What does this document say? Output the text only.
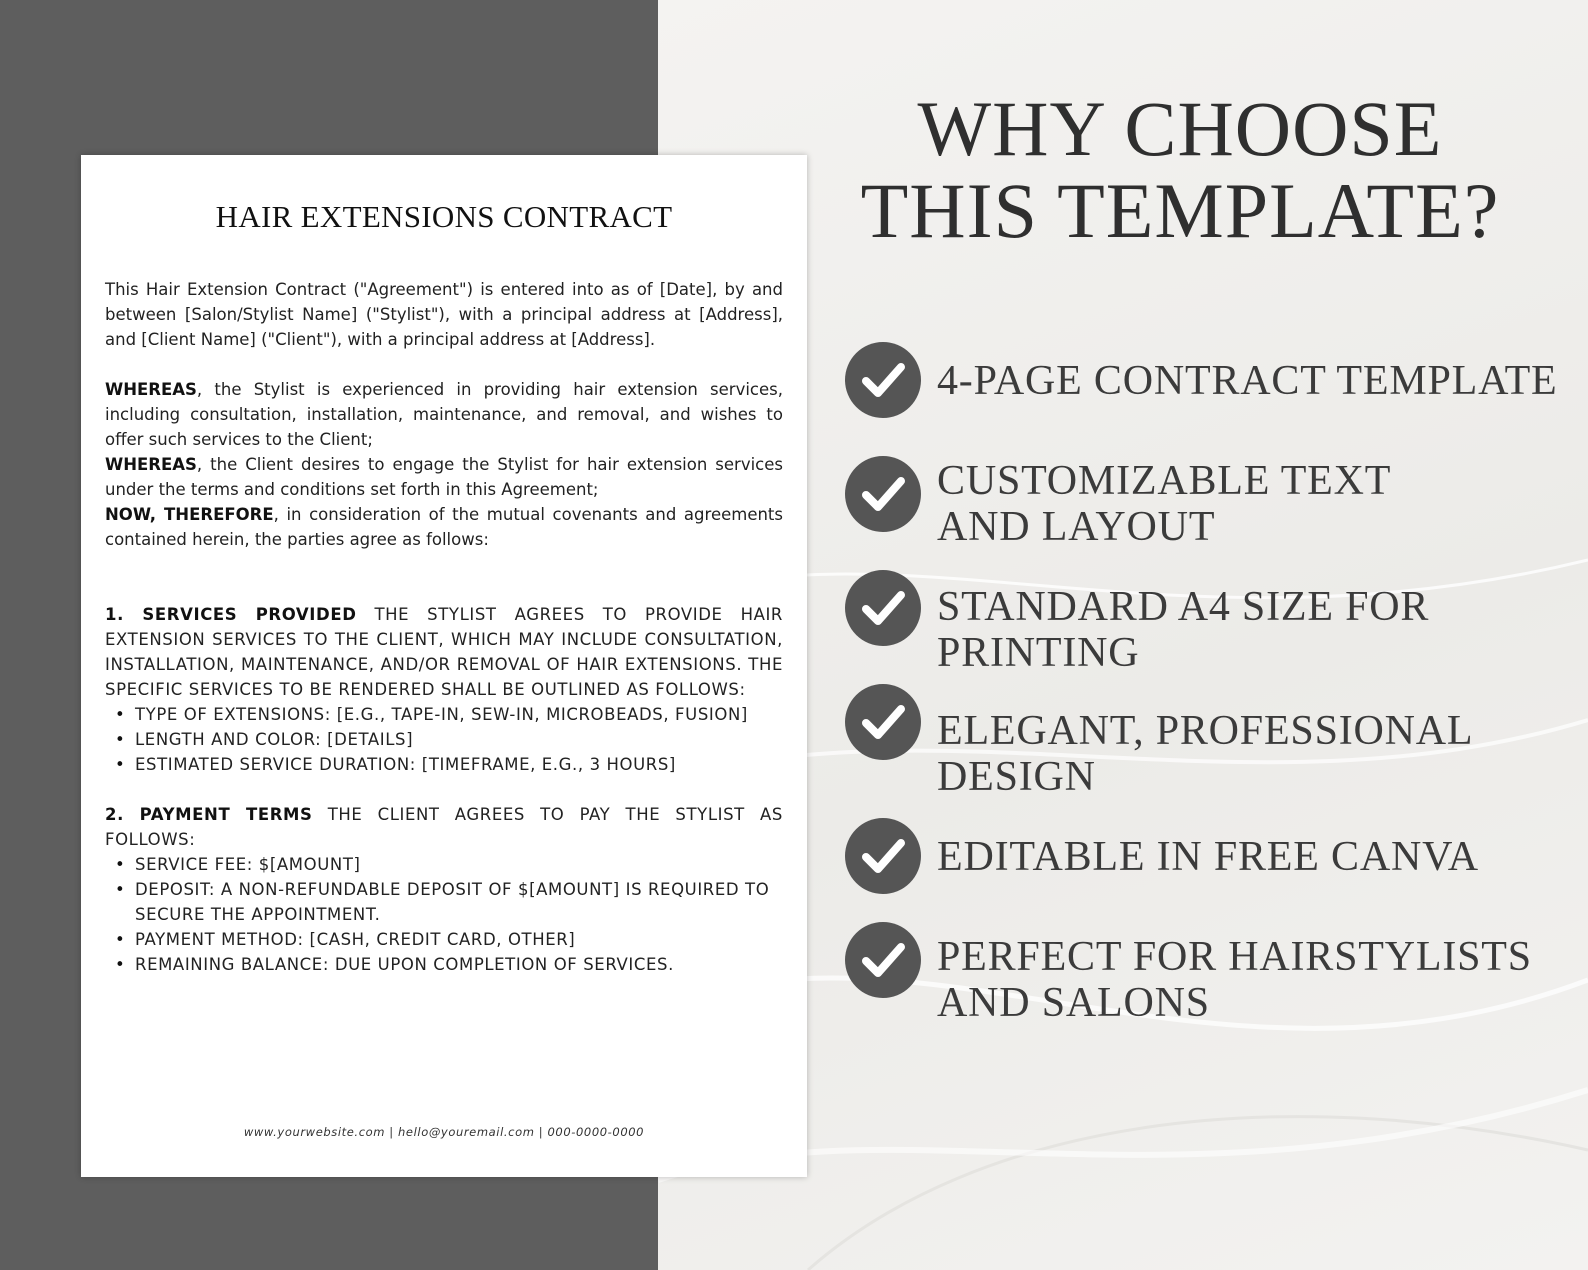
HAIR EXTENSIONS CONTRACT

This Hair Extension Contract ("Agreement") is entered into as of [Date], by and between [Salon/Stylist Name] ("Stylist"), with a principal address at [Address], and [Client Name] ("Client"), with a principal address at [Address].

WHEREAS, the Stylist is experienced in providing hair extension services, including consultation, installation, maintenance, and removal, and wishes to offer such services to the Client;

WHEREAS, the Client desires to engage the Stylist for hair extension services under the terms and conditions set forth in this Agreement;

NOW, THEREFORE, in consideration of the mutual covenants and agreements contained herein, the parties agree as follows:

1. SERVICES PROVIDED THE STYLIST AGREES TO PROVIDE HAIR EXTENSION SERVICES TO THE CLIENT, WHICH MAY INCLUDE CONSULTATION, INSTALLATION, MAINTENANCE, AND/OR REMOVAL OF HAIR EXTENSIONS. THE SPECIFIC SERVICES TO BE RENDERED SHALL BE OUTLINED AS FOLLOWS:

• TYPE OF EXTENSIONS: [E.G., TAPE-IN, SEW-IN, MICROBEADS, FUSION]
• LENGTH AND COLOR: [DETAILS]
• ESTIMATED SERVICE DURATION: [TIMEFRAME, E.G., 3 HOURS]

2. PAYMENT TERMS THE CLIENT AGREES TO PAY THE STYLIST AS FOLLOWS:

• SERVICE FEE: $[AMOUNT]
• DEPOSIT: A NON-REFUNDABLE DEPOSIT OF $[AMOUNT] IS REQUIRED TO SECURE THE APPOINTMENT.
• PAYMENT METHOD: [CASH, CREDIT CARD, OTHER]
• REMAINING BALANCE: DUE UPON COMPLETION OF SERVICES.
www.yourwebsite.com | hello@youremail.com | 000-0000-0000
WHY CHOOSE
THIS TEMPLATE?
4-PAGE CONTRACT TEMPLATE
CUSTOMIZABLE TEXT
AND LAYOUT
STANDARD A4 SIZE FOR
PRINTING
ELEGANT, PROFESSIONAL
DESIGN
EDITABLE IN FREE CANVA
PERFECT FOR HAIRSTYLISTS
AND SALONS
